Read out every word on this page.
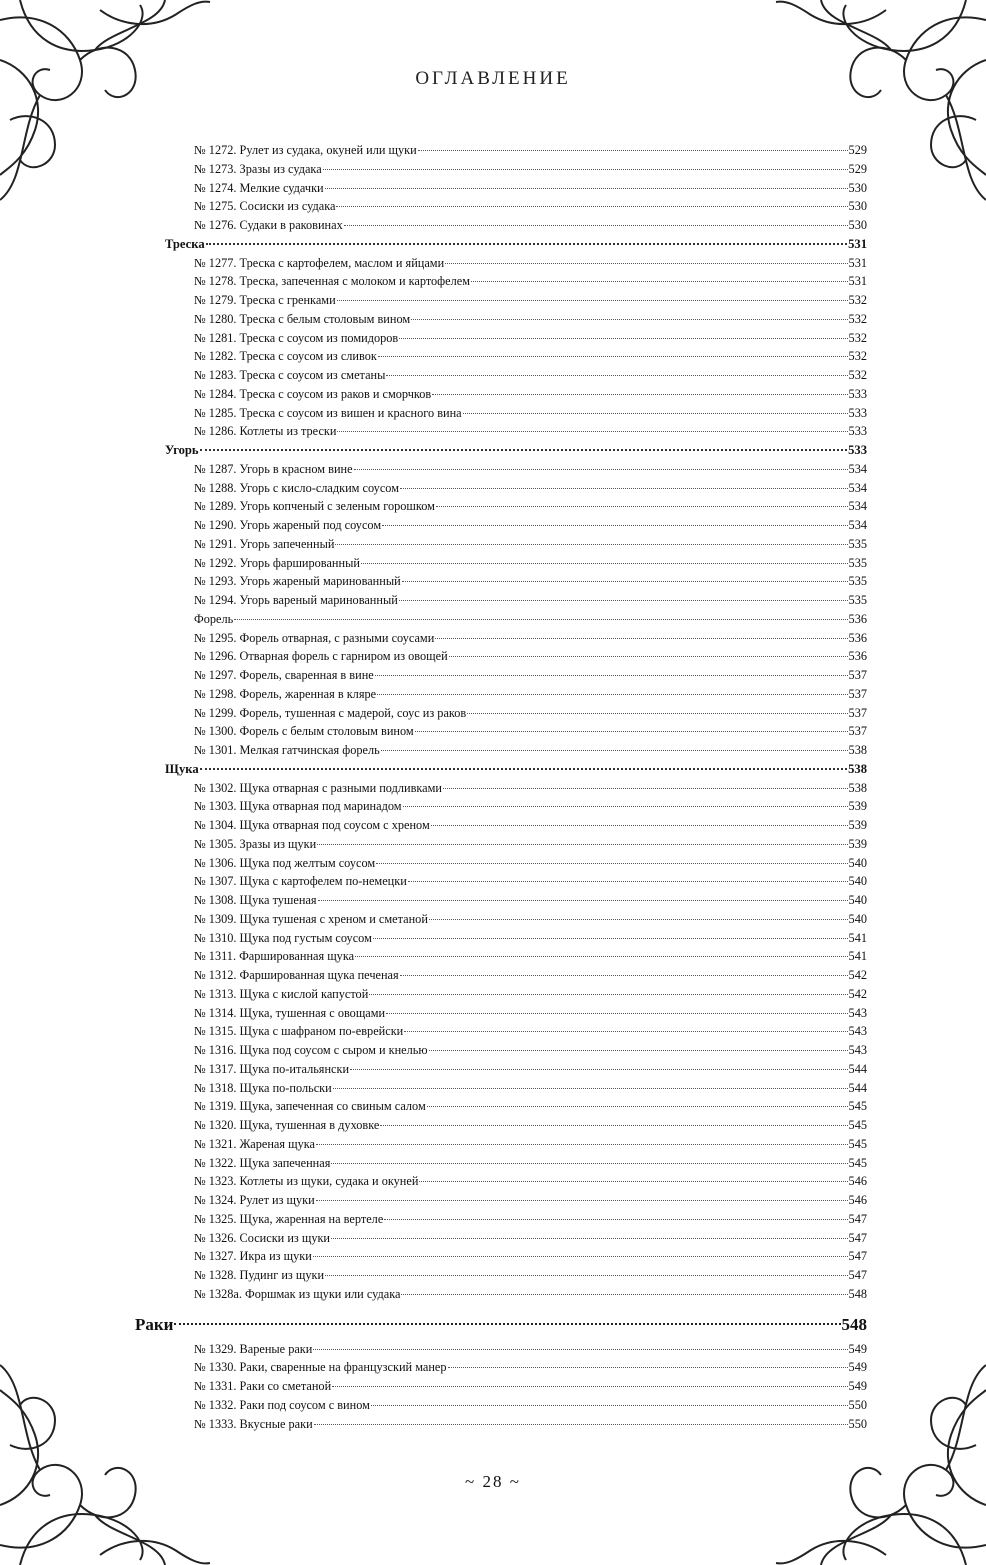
ОГЛАВЛЕНИЕ
№ 1272. Рулет из судака, окуней или щуки	529
№ 1273. Зразы из судака	529
№ 1274. Мелкие судачки	530
№ 1275. Сосиски из судака	530
№ 1276. Судаки в раковинах	530
Треска	531
№ 1277. Треска с картофелем, маслом и яйцами	531
№ 1278. Треска, запеченная с молоком и картофелем	531
№ 1279. Треска с гренками	532
№ 1280. Треска с белым столовым вином	532
№ 1281. Треска с соусом из помидоров	532
№ 1282. Треска с соусом из сливок	532
№ 1283. Треска с соусом из сметаны	532
№ 1284. Треска с соусом из раков и сморчков	533
№ 1285. Треска с соусом из вишен и красного вина	533
№ 1286. Котлеты из трески	533
Угорь	533
№ 1287. Угорь в красном вине	534
№ 1288. Угорь с кисло-сладким соусом	534
№ 1289. Угорь копченый с зеленым горошком	534
№ 1290. Угорь жареный под соусом	534
№ 1291. Угорь запеченный	535
№ 1292. Угорь фаршированный	535
№ 1293. Угорь жареный маринованный	535
№ 1294. Угорь вареный маринованный	535
Форель	536
№ 1295. Форель отварная, с разными соусами	536
№ 1296. Отварная форель с гарниром из овощей	536
№ 1297. Форель, сваренная в вине	537
№ 1298. Форель, жаренная в кляре	537
№ 1299. Форель, тушенная с мадерой, соус из раков	537
№ 1300. Форель с белым столовым вином	537
№ 1301. Мелкая гатчинская форель	538
Щука	538
№ 1302. Щука отварная с разными подливками	538
№ 1303. Щука отварная под маринадом	539
№ 1304. Щука отварная под соусом с хреном	539
№ 1305. Зразы из щуки	539
№ 1306. Щука под желтым соусом	540
№ 1307. Щука с картофелем по-немецки	540
№ 1308. Щука тушеная	540
№ 1309. Щука тушеная с хреном и сметаной	540
№ 1310. Щука под густым соусом	541
№ 1311. Фаршированная щука	541
№ 1312. Фаршированная щука печеная	542
№ 1313. Щука с кислой капустой	542
№ 1314. Щука, тушенная с овощами	543
№ 1315. Щука с шафраном по-еврейски	543
№ 1316. Щука под соусом с сыром и кнелью	543
№ 1317. Щука по-итальянски	544
№ 1318. Щука по-польски	544
№ 1319. Щука, запеченная со свиным салом	545
№ 1320. Щука, тушенная в духовке	545
№ 1321. Жареная щука	545
№ 1322. Щука запеченная	545
№ 1323. Котлеты из щуки, судака и окуней	546
№ 1324. Рулет из щуки	546
№ 1325. Щука, жаренная на вертеле	547
№ 1326. Сосиски из щуки	547
№ 1327. Икра из щуки	547
№ 1328. Пудинг из щуки	547
№ 1328а. Форшмак из щуки или судака	548
Раки	548
№ 1329. Вареные раки	549
№ 1330. Раки, сваренные на французский манер	549
№ 1331. Раки со сметаной	549
№ 1332. Раки под соусом с вином	550
№ 1333. Вкусные раки	550
~ 28 ~
